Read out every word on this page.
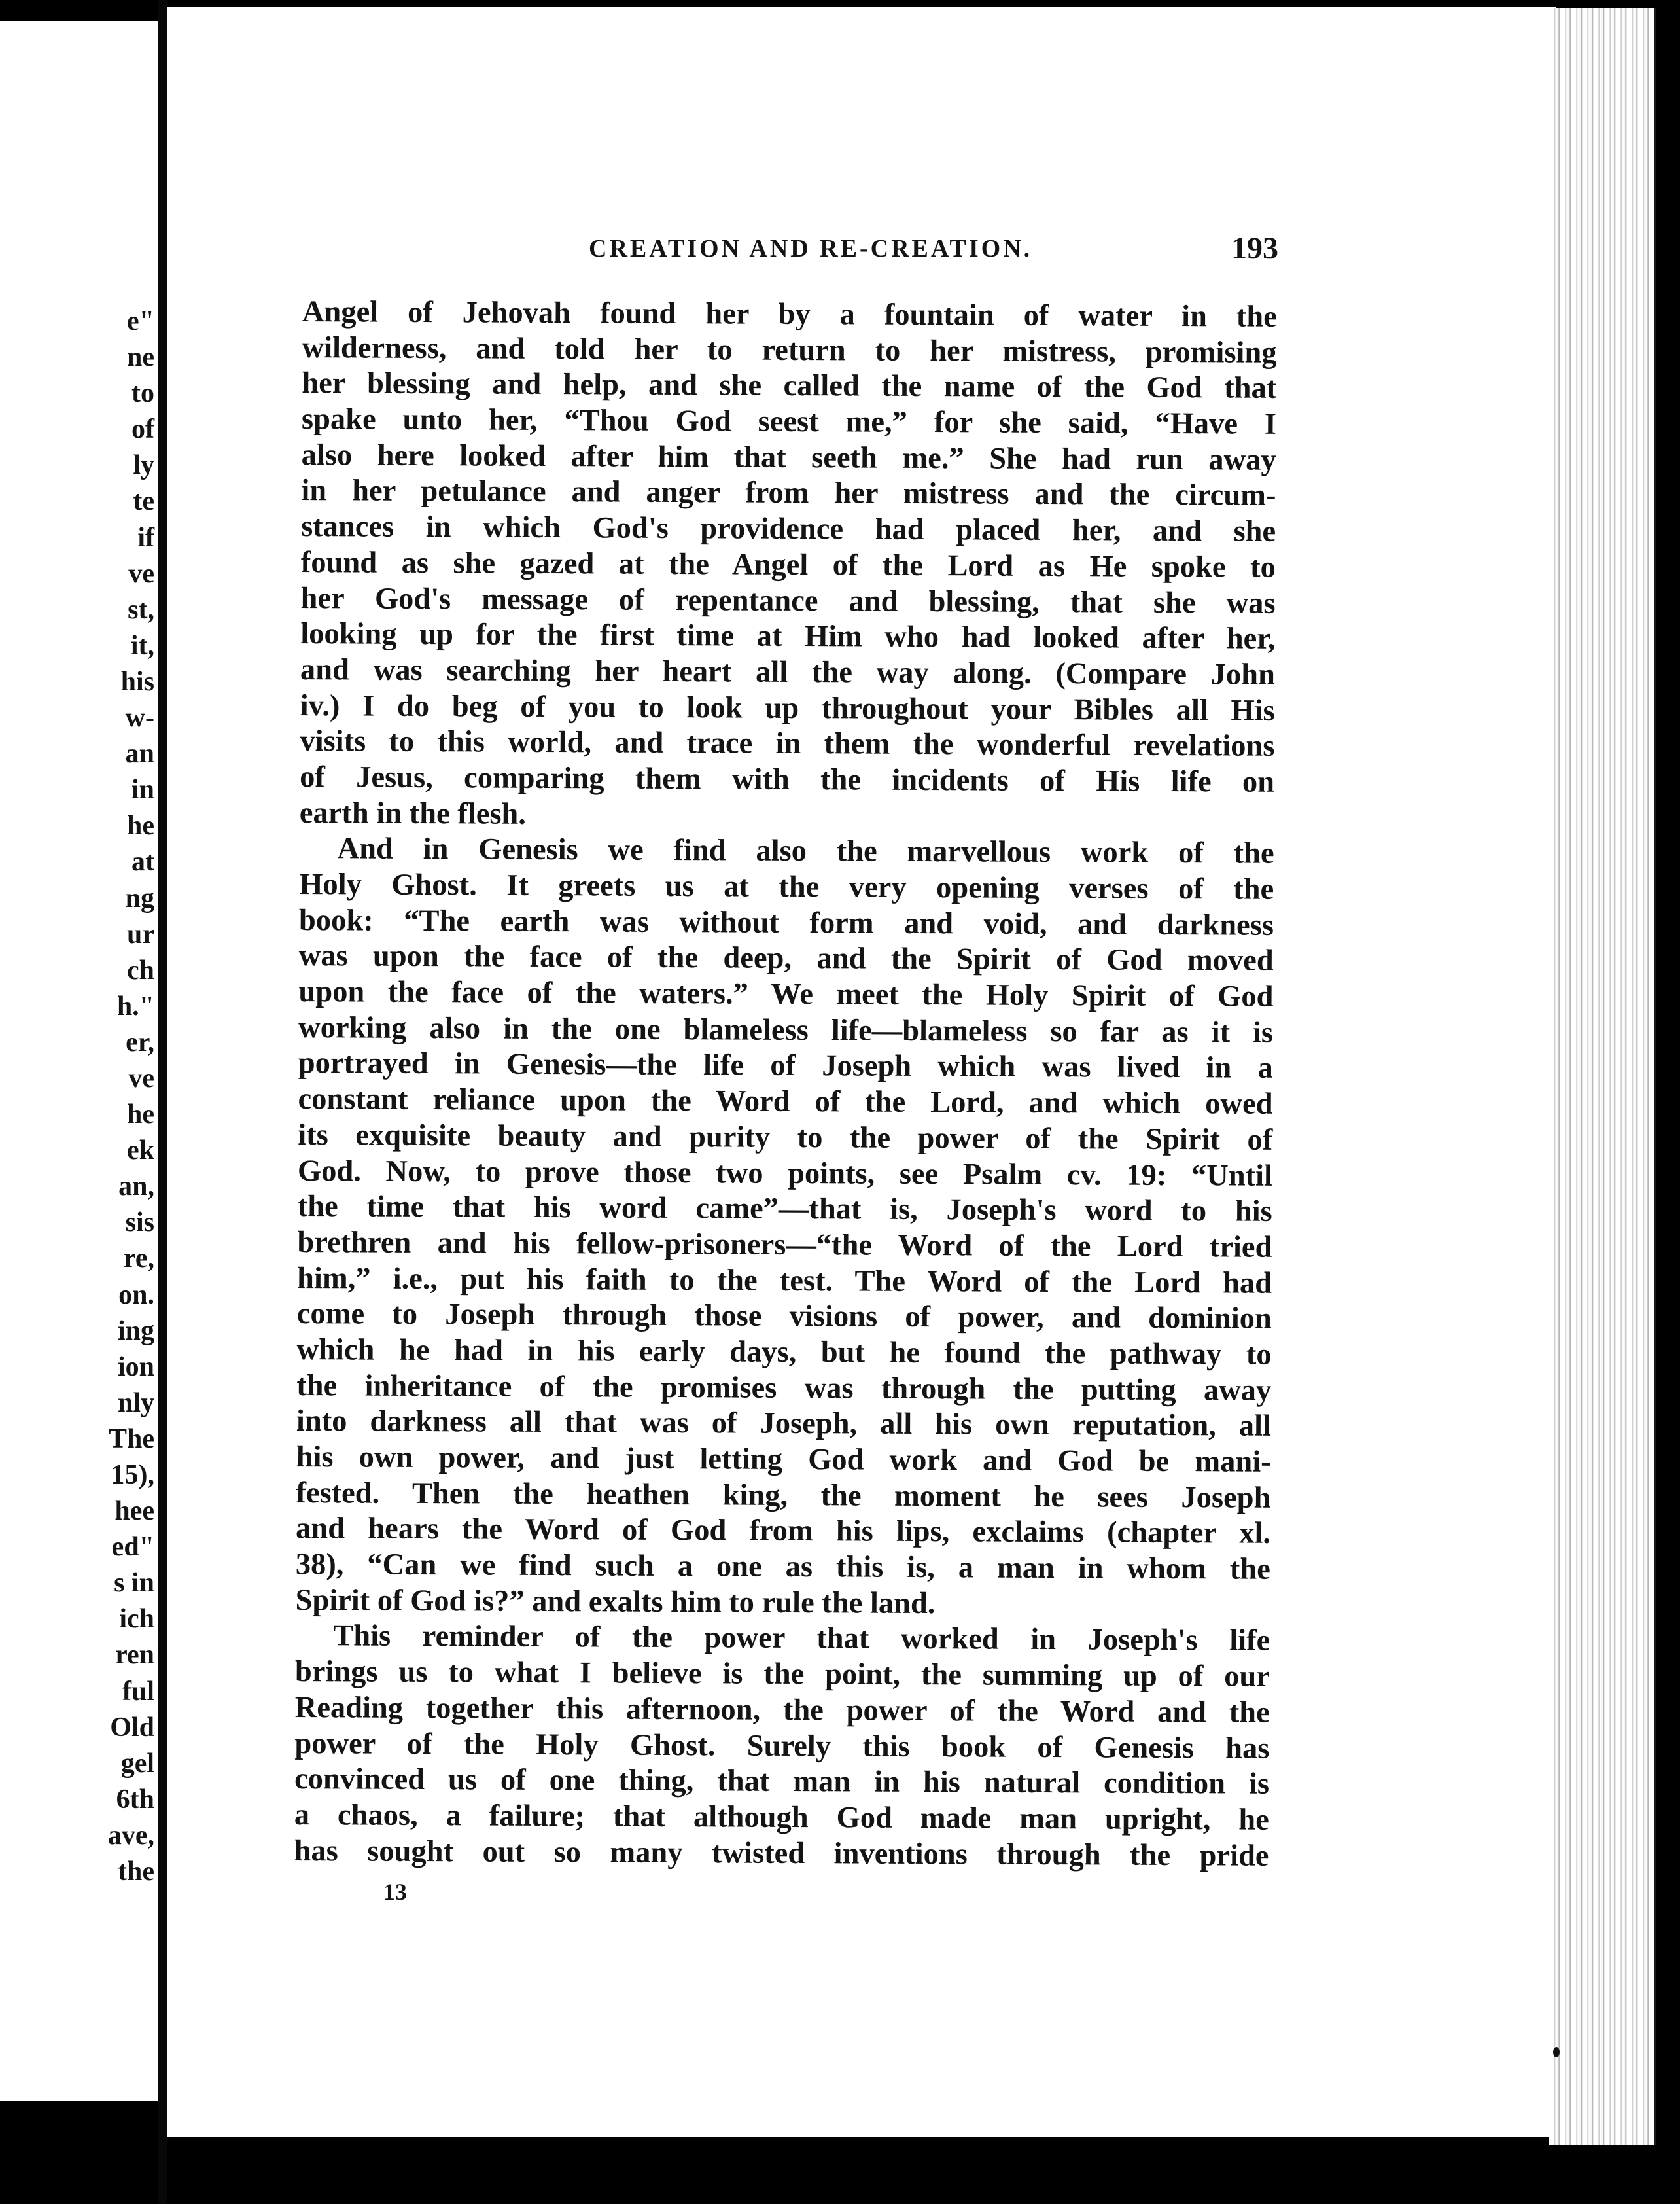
e"
ne
to
of
ly
te
if
ve
st,
it,
his
w-
an
in
he
at
ng
ur
ch
h."
er,
ve
he
ek
an,
sis
re,
on.
ing
ion
nly
The
15),
hee
ed"
s in
ich
ren
ful
Old
gel
6th
ave,
the
CREATION AND RE-CREATION.	193
Angel of Jehovah found her by a fountain of water in the
wilderness, and told her to return to her mistress, promising
her blessing and help, and she called the name of the God that
spake unto her, “Thou God seest me,” for she said, “Have I
also here looked after him that seeth me.” She had run away
in her petulance and anger from her mistress and the circum-
stances in which God's providence had placed her, and she
found as she gazed at the Angel of the Lord as He spoke to
her God's message of repentance and blessing, that she was
looking up for the first time at Him who had looked after her,
and was searching her heart all the way along. (Compare John
iv.) I do beg of you to look up throughout your Bibles all His
visits to this world, and trace in them the wonderful revelations
of Jesus, comparing them with the incidents of His life on
earth in the flesh.
And in Genesis we find also the marvellous work of the
Holy Ghost. It greets us at the very opening verses of the
book: “The earth was without form and void, and darkness
was upon the face of the deep, and the Spirit of God moved
upon the face of the waters.” We meet the Holy Spirit of God
working also in the one blameless life—blameless so far as it is
portrayed in Genesis—the life of Joseph which was lived in a
constant reliance upon the Word of the Lord, and which owed
its exquisite beauty and purity to the power of the Spirit of
God. Now, to prove those two points, see Psalm cv. 19: “Until
the time that his word came”—that is, Joseph's word to his
brethren and his fellow-prisoners—“the Word of the Lord tried
him,” i.e., put his faith to the test. The Word of the Lord had
come to Joseph through those visions of power, and dominion
which he had in his early days, but he found the pathway to
the inheritance of the promises was through the putting away
into darkness all that was of Joseph, all his own reputation, all
his own power, and just letting God work and God be mani-
fested. Then the heathen king, the moment he sees Joseph
and hears the Word of God from his lips, exclaims (chapter xl.
38), “Can we find such a one as this is, a man in whom the
Spirit of God is?” and exalts him to rule the land.
This reminder of the power that worked in Joseph's life
brings us to what I believe is the point, the summing up of our
Reading together this afternoon, the power of the Word and the
power of the Holy Ghost. Surely this book of Genesis has
convinced us of one thing, that man in his natural condition is
a chaos, a failure; that although God made man upright, he
has sought out so many twisted inventions through the pride
13
